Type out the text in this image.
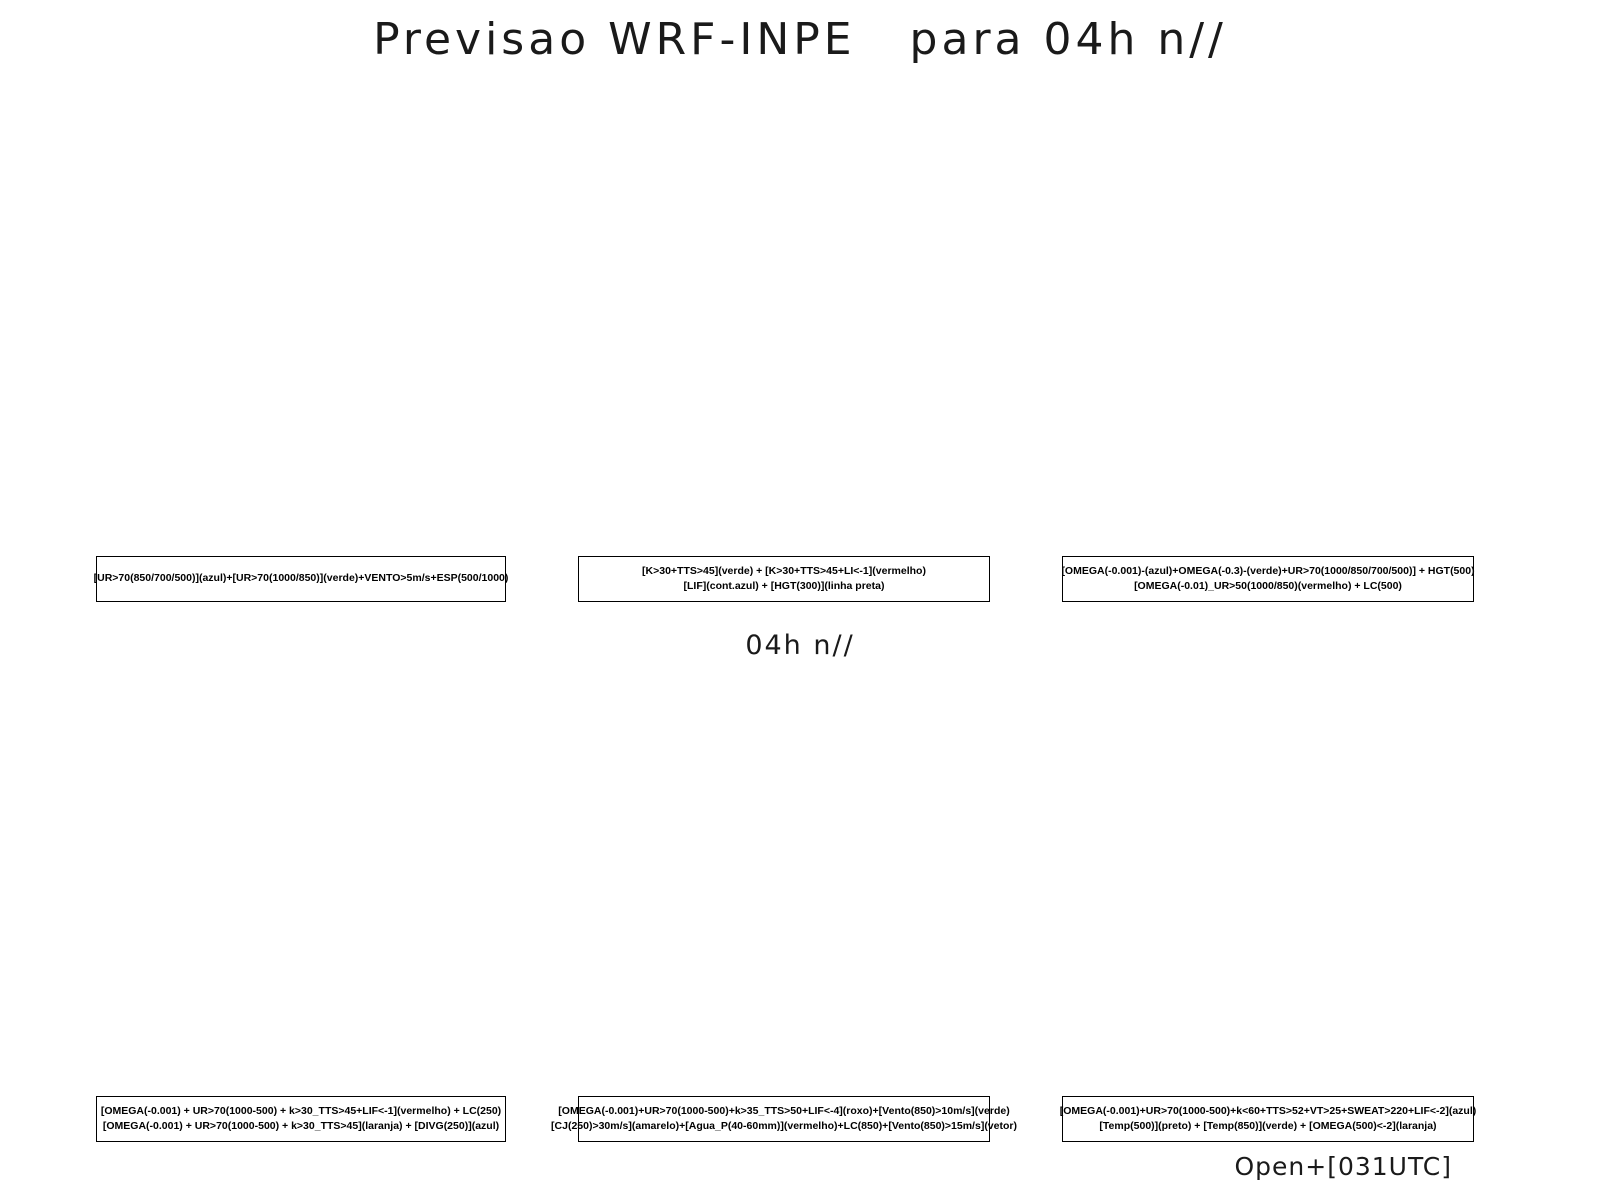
Previsao WRF-INPE   para 04h n//
[UR>70(850/700/500)](azul)+[UR>70(1000/850)](verde)+VENTO>5m/s+ESP(500/1000)
[K>30+TTS>45](verde) + [K>30+TTS>45+LI<-1](vermelho)
[LIF](cont.azul) + [HGT(300)](linha preta)
[OMEGA(-0.001)-(azul)+OMEGA(-0.3)-(verde)+UR>70(1000/850/700/500)] + HGT(500)
[OMEGA(-0.01)_UR>50(1000/850)(vermelho) + LC(500)
04h n//
[OMEGA(-0.001) + UR>70(1000-500) + k>30_TTS>45+LIF<-1](vermelho) + LC(250)
[OMEGA(-0.001) + UR>70(1000-500) + k>30_TTS>45](laranja) + [DIVG(250)](azul)
[OMEGA(-0.001)+UR>70(1000-500)+k>35_TTS>50+LIF<-4](roxo)+[Vento(850)>10m/s](verde)
[CJ(250)>30m/s](amarelo)+[Agua_P(40-60mm)](vermelho)+LC(850)+[Vento(850)>15m/s](vetor)
[OMEGA(-0.001)+UR>70(1000-500)+k<60+TTS>52+VT>25+SWEAT>220+LIF<-2](azul)
[Temp(500)](preto) + [Temp(850)](verde) + [OMEGA(500)<-2](laranja)
Open+[031UTC]
